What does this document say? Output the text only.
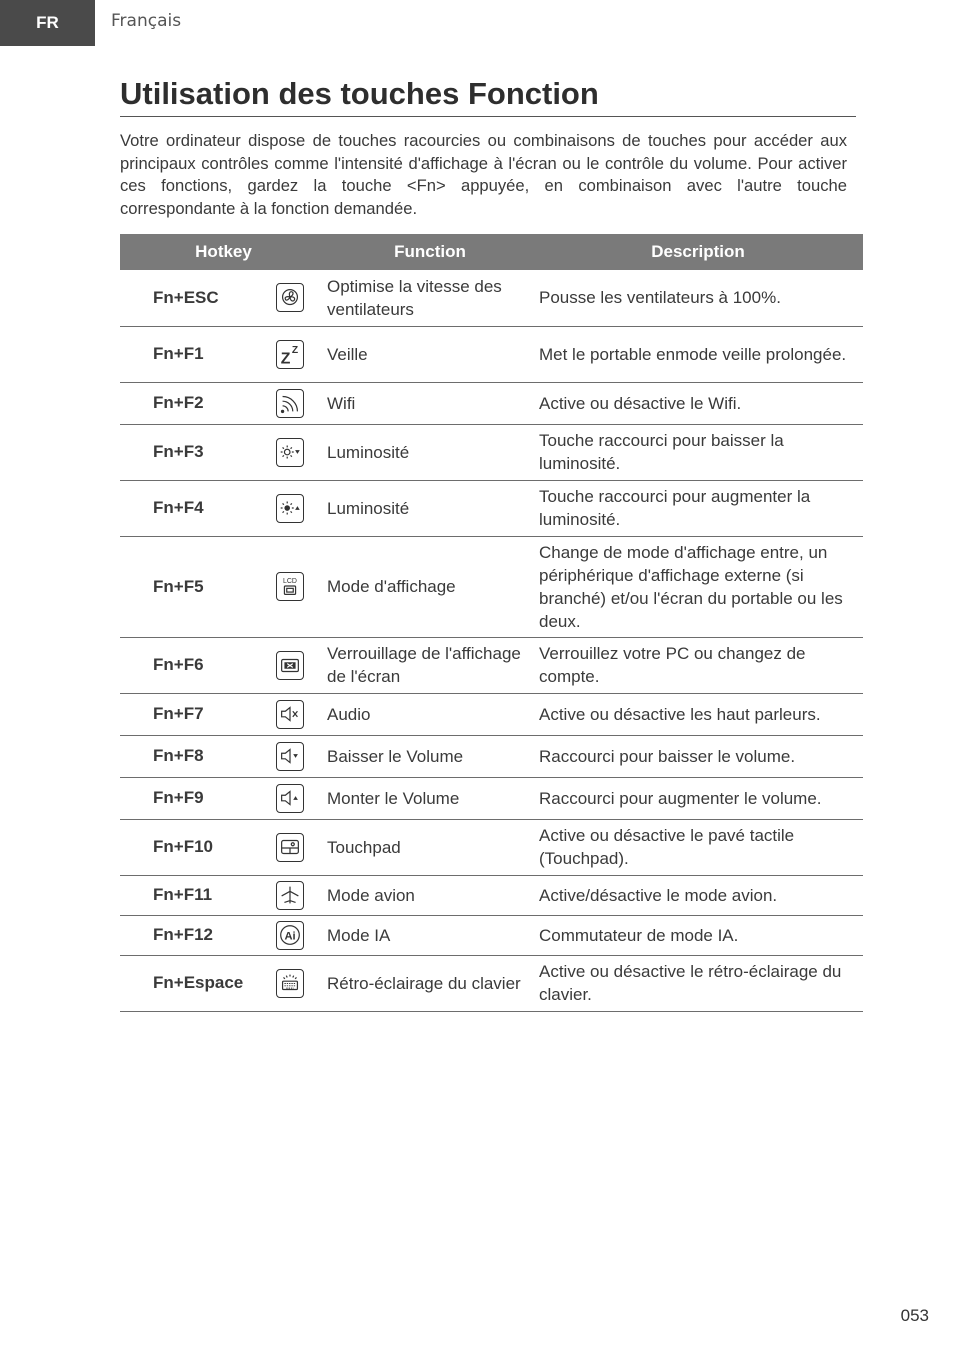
FR	Français
Utilisation des touches Fonction

Votre ordinateur dispose de touches racourcies ou combinaisons de touches pour accéder aux principaux contrôles comme l'intensité d'affichage à l'écran ou le contrôle du volume. Pour activer ces fonctions, gardez la touche <Fn> appuyée, en combinaison avec l'autre touche correspondante à la fonction demandée.

Hotkey		Function	Description
Fn+ESC		Optimise la vitesse des ventilateurs	Pousse les ventilateurs à 100%.
Fn+F1	Z Z	Veille	Met le portable enmode veille prolongée.
Fn+F2		Wifi	Active ou désactive le Wifi.
Fn+F3		Luminosité	Touche raccourci pour baisser la luminosité.
Fn+F4		Luminosité	Touche raccourci pour augmenter la luminosité.
Fn+F5	LCD	Mode d'affichage	Change de mode d'affichage entre, un périphérique d'affichage externe (si branché) et/ou l'écran du portable ou les deux.
Fn+F6		Verrouillage de l'affichage de l'écran	Verrouillez votre PC ou changez de compte.
Fn+F7		Audio	Active ou désactive les haut parleurs.
Fn+F8		Baisser le Volume	Raccourci pour baisser le volume.
Fn+F9		Monter le Volume	Raccourci pour augmenter le volume.
Fn+F10		Touchpad	Active ou désactive le pavé tactile (Touchpad).
Fn+F11		Mode avion	Active/désactive le mode avion.
Fn+F12	Ai	Mode IA	Commutateur de mode IA.
Fn+Espace		Rétro-éclairage du clavier	Active ou désactive le rétro-éclairage du clavier.
053
